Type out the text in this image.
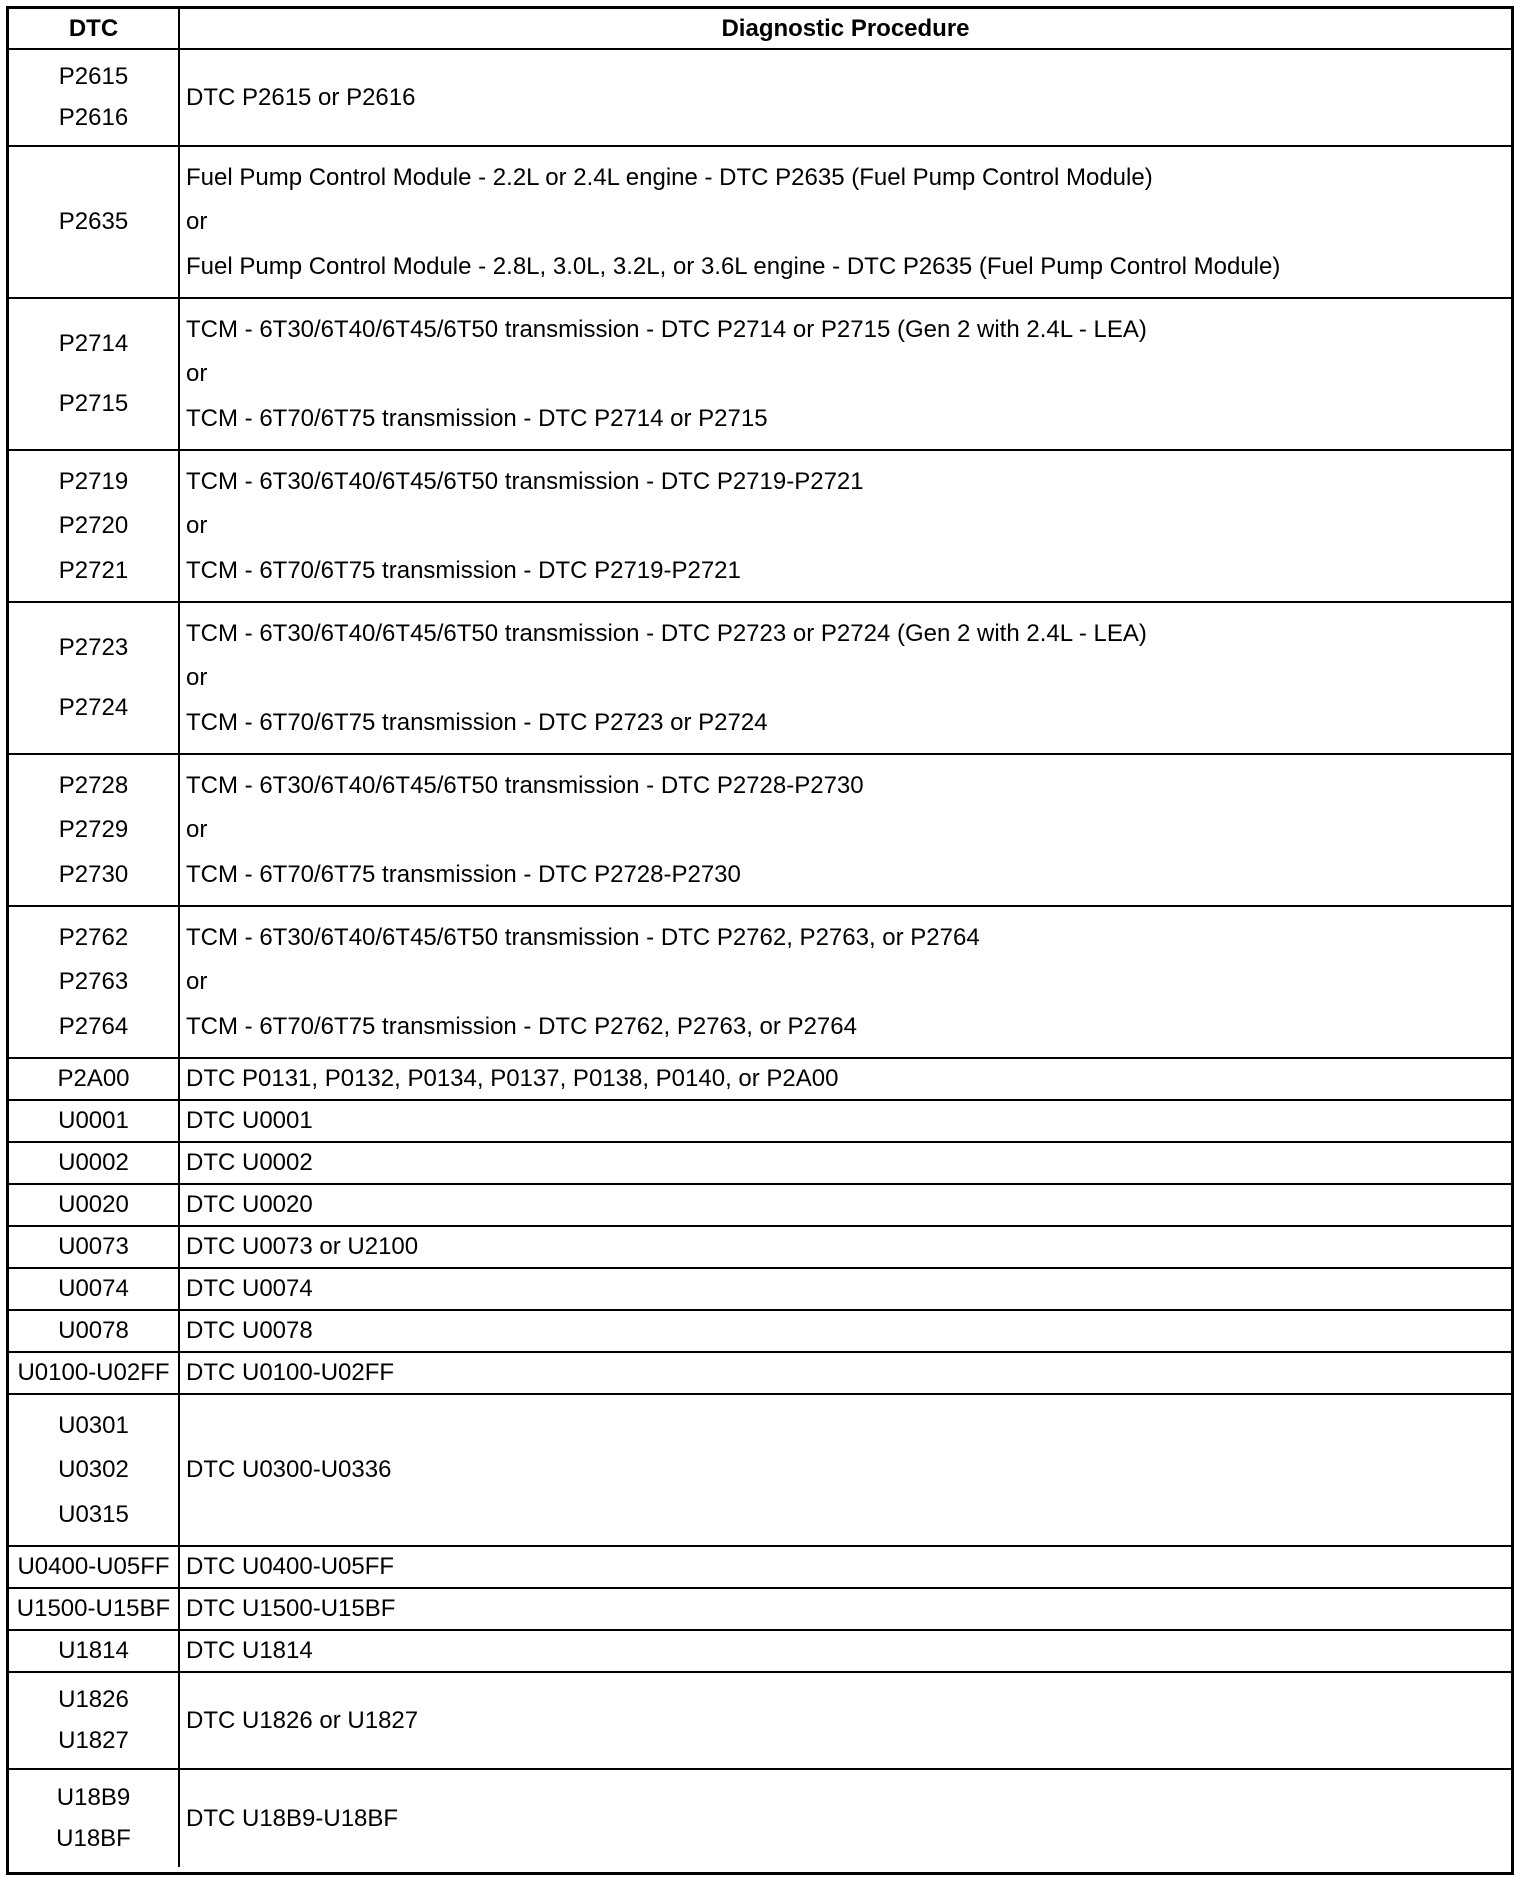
DTC	Diagnostic Procedure
P2615
P2616
DTC P2615 or P2616
P2635
Fuel Pump Control Module - 2.2L or 2.4L engine - DTC P2635 (Fuel Pump Control Module)
or
Fuel Pump Control Module - 2.8L, 3.0L, 3.2L, or 3.6L engine - DTC P2635 (Fuel Pump Control Module)
P2714
P2715
TCM - 6T30/6T40/6T45/6T50 transmission - DTC P2714 or P2715 (Gen 2 with 2.4L - LEA)
or
TCM - 6T70/6T75 transmission - DTC P2714 or P2715
P2719
P2720
P2721
TCM - 6T30/6T40/6T45/6T50 transmission - DTC P2719-P2721
or
TCM - 6T70/6T75 transmission - DTC P2719-P2721
P2723
P2724
TCM - 6T30/6T40/6T45/6T50 transmission - DTC P2723 or P2724 (Gen 2 with 2.4L - LEA)
or
TCM - 6T70/6T75 transmission - DTC P2723 or P2724
P2728
P2729
P2730
TCM - 6T30/6T40/6T45/6T50 transmission - DTC P2728-P2730
or
TCM - 6T70/6T75 transmission - DTC P2728-P2730
P2762
P2763
P2764
TCM - 6T30/6T40/6T45/6T50 transmission - DTC P2762, P2763, or P2764
or
TCM - 6T70/6T75 transmission - DTC P2762, P2763, or P2764
P2A00 DTC P0131, P0132, P0134, P0137, P0138, P0140, or P2A00
U0001 DTC U0001
U0002 DTC U0002
U0020 DTC U0020
U0073 DTC U0073 or U2100
U0074 DTC U0074
U0078 DTC U0078
U0100-U02FF DTC U0100-U02FF
U0301
U0302
U0315
DTC U0300-U0336
U0400-U05FF DTC U0400-U05FF
U1500-U15BF DTC U1500-U15BF
U1814 DTC U1814
U1826
U1827
DTC U1826 or U1827
U18B9
U18BF
DTC U18B9-U18BF
